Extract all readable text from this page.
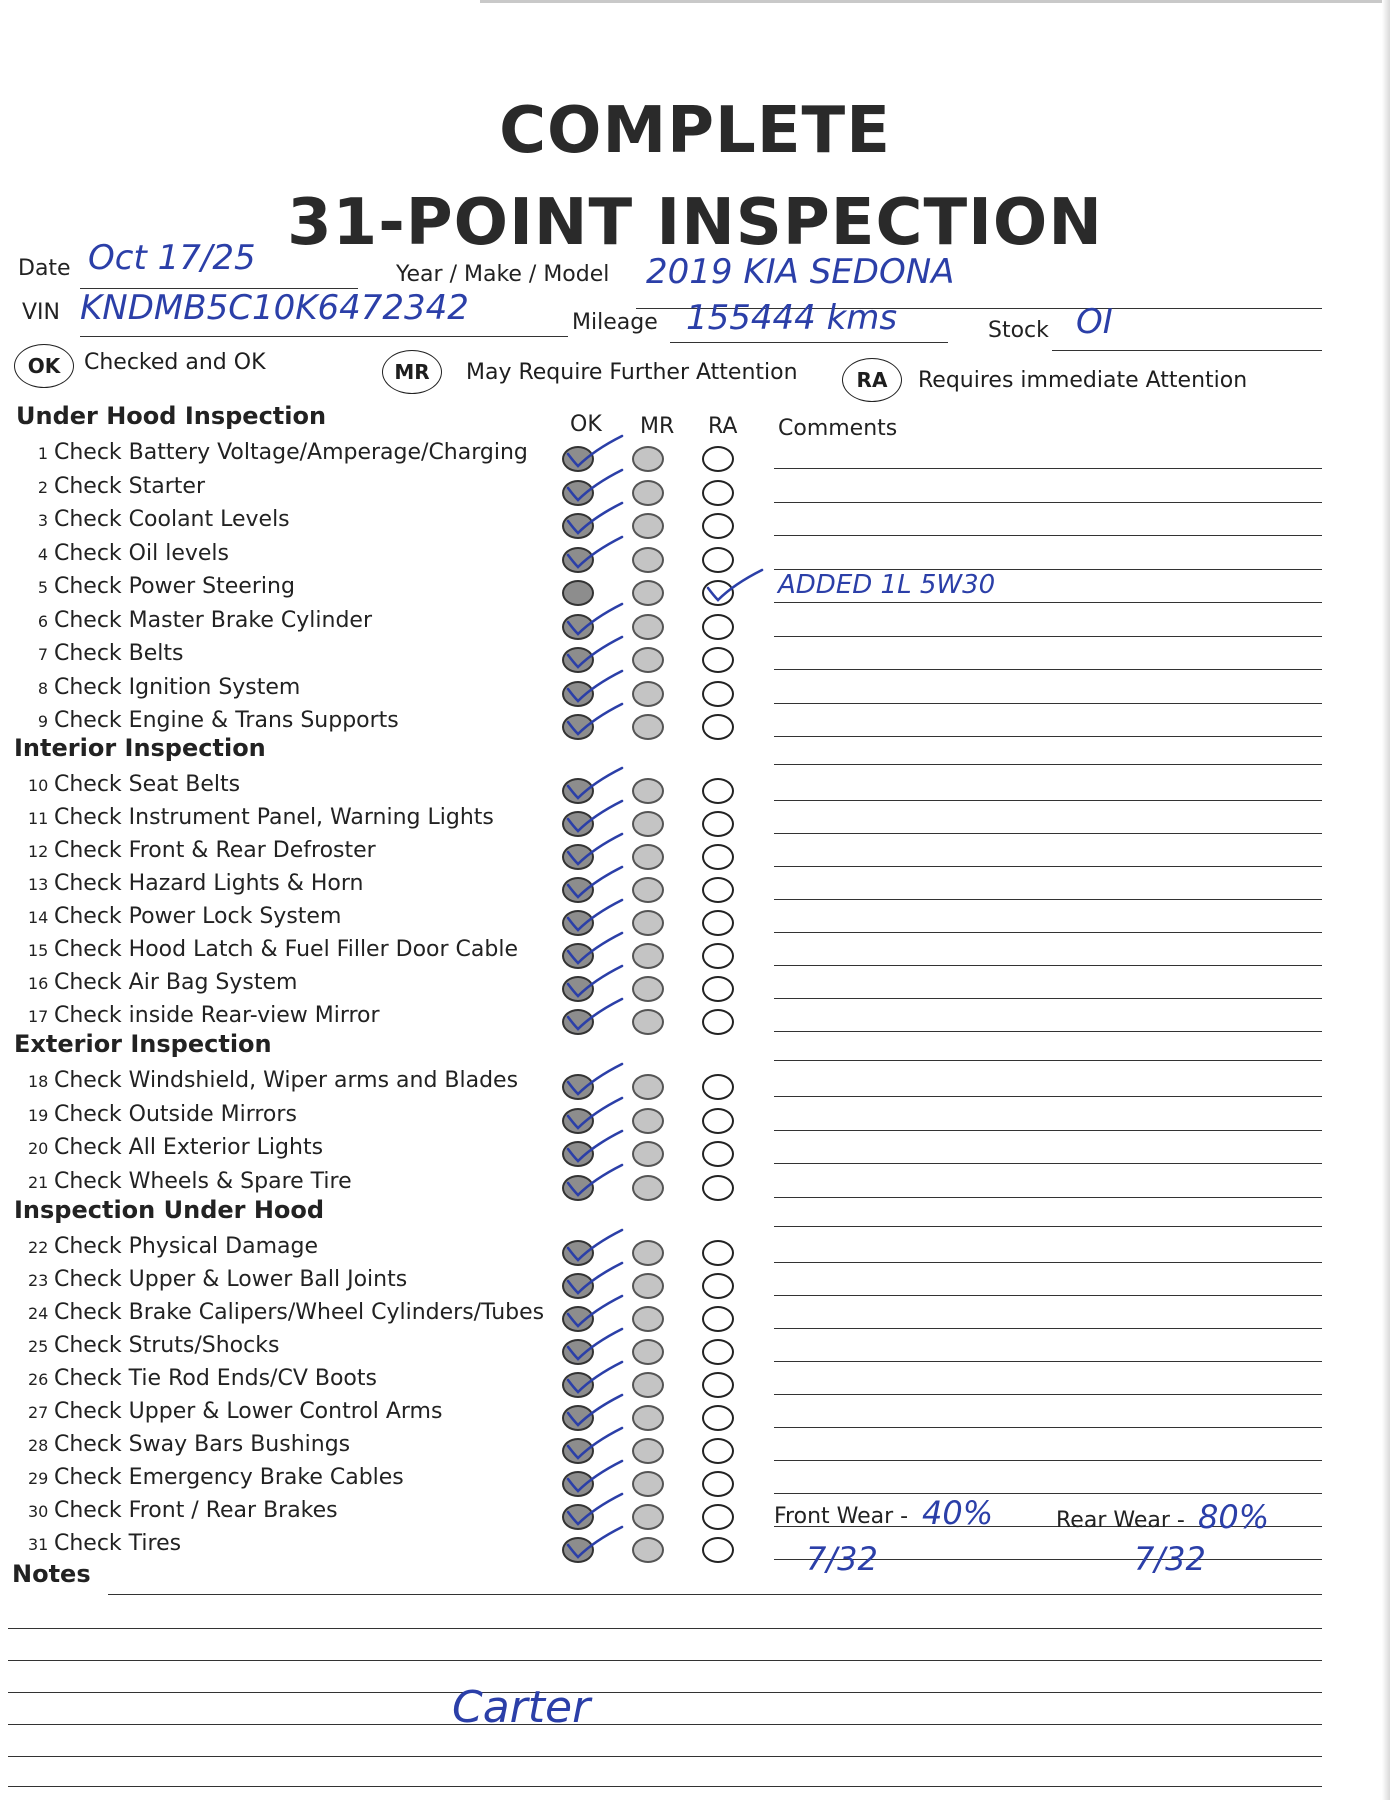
COMPLETE
31-POINT INSPECTION
Date Oct 17/25	Year / Make / Model 2019 KIA SEDONA
VIN KNDMB5C10K6472342	Mileage 155444 kms	Stock OI
OK	Checked and OK	MR	May Require Further Attention	RA	Requires immediate Attention
OK MR RA Comments
Under Hood Inspection
1 Check Battery Voltage/Amperage/Charging
2 Check Starter
3 Check Coolant Levels
4 Check Oil levels
5 Check Power Steering	ADDED 1L 5W30
6 Check Master Brake Cylinder
7 Check Belts
8 Check Ignition System
9 Check Engine & Trans Supports
Interior Inspection
10 Check Seat Belts
11 Check Instrument Panel, Warning Lights
12 Check Front & Rear Defroster
13 Check Hazard Lights & Horn
14 Check Power Lock System
15 Check Hood Latch & Fuel Filler Door Cable
16 Check Air Bag System
17 Check inside Rear-view Mirror
Exterior Inspection
18 Check Windshield, Wiper arms and Blades
19 Check Outside Mirrors
20 Check All Exterior Lights
21 Check Wheels & Spare Tire
Inspection Under Hood
22 Check Physical Damage
23 Check Upper & Lower Ball Joints
24 Check Brake Calipers/Wheel Cylinders/Tubes
25 Check Struts/Shocks
26 Check Tie Rod Ends/CV Boots
27 Check Upper & Lower Control Arms
28 Check Sway Bars Bushings
29 Check Emergency Brake Cables
30 Check Front / Rear Brakes
31 Check Tires
Front Wear - 40%	Rear Wear - 80%
7/32	7/32
Notes
Carter
